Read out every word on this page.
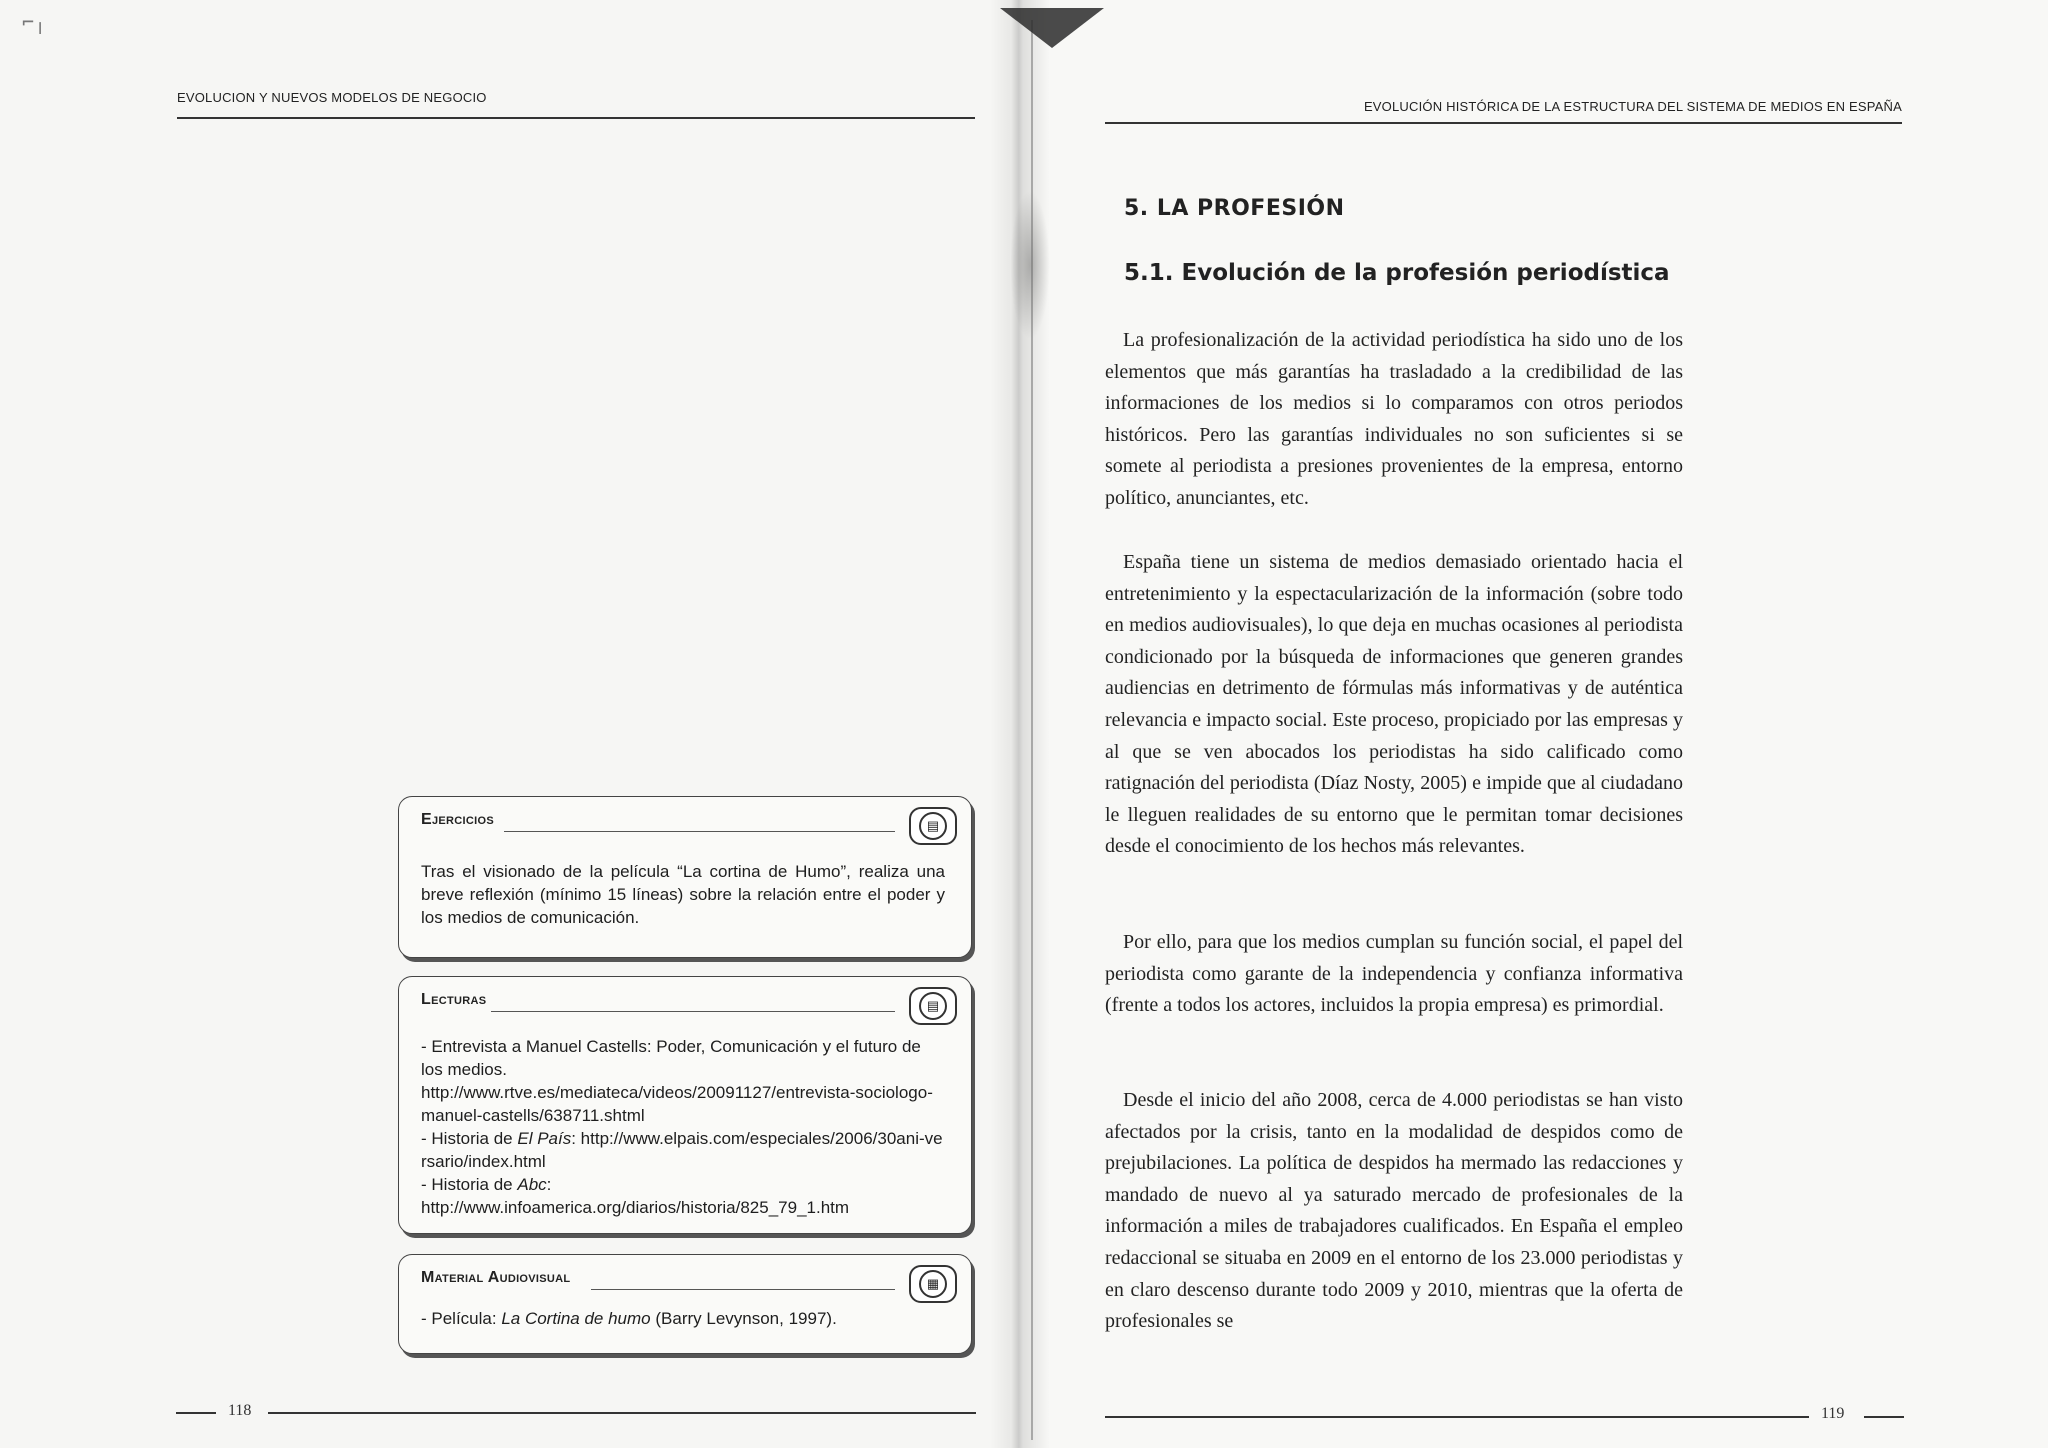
⌐╷
EVOLUCION Y NUEVOS MODELOS DE NEGOCIO
Ejercicios	▤
Tras el visionado de la película “La cortina de Humo”, realiza una breve reflexión (mínimo 15 líneas) sobre la relación entre el poder y los medios de comunicación.
Lecturas	▤
- Entrevista a Manuel Castells: Poder, Comunicación y el futuro de los medios.
http://www.rtve.es/mediateca/videos/20091127/entrevista-sociologo-manuel-castells/638711.shtml
- Historia de El País: http://www.elpais.com/especiales/2006/30ani-versario/index.html
- Historia de Abc:
http://www.infoamerica.org/diarios/historia/825_79_1.htm
Material Audiovisual	▦
- Película: La Cortina de humo (Barry Levynson, 1997).
118
EVOLUCIÓN HISTÓRICA DE LA ESTRUCTURA DEL SISTEMA DE MEDIOS EN ESPAÑA
5. LA PROFESIÓN
5.1. Evolución de la profesión periodística
La profesionalización de la actividad periodística ha sido uno de los elementos que más garantías ha trasladado a la credibilidad de las informaciones de los medios si lo comparamos con otros periodos históricos. Pero las garantías individuales no son suficientes si se somete al periodista a presiones provenientes de la empresa, entorno político, anunciantes, etc.
España tiene un sistema de medios demasiado orientado hacia el entretenimiento y la espectacularización de la información (sobre todo en medios audiovisuales), lo que deja en muchas ocasiones al periodista condicionado por la búsqueda de informaciones que generen grandes audiencias en detrimento de fórmulas más informativas y de auténtica relevancia e impacto social. Este proceso, propiciado por las empresas y al que se ven abocados los periodistas ha sido calificado como ratignación del periodista (Díaz Nosty, 2005) e impide que al ciudadano le lleguen realidades de su entorno que le permitan tomar decisiones desde el conocimiento de los hechos más relevantes.
Por ello, para que los medios cumplan su función social, el papel del periodista como garante de la independencia y confianza informativa (frente a todos los actores, incluidos la propia empresa) es primordial.
Desde el inicio del año 2008, cerca de 4.000 periodistas se han visto afectados por la crisis, tanto en la modalidad de despidos como de prejubilaciones. La política de despidos ha mermado las redacciones y mandado de nuevo al ya saturado mercado de profesionales de la información a miles de trabajadores cualificados. En España el empleo redaccional se situaba en 2009 en el entorno de los 23.000 periodistas y en claro descenso durante todo 2009 y 2010, mientras que la oferta de profesionales se
119
